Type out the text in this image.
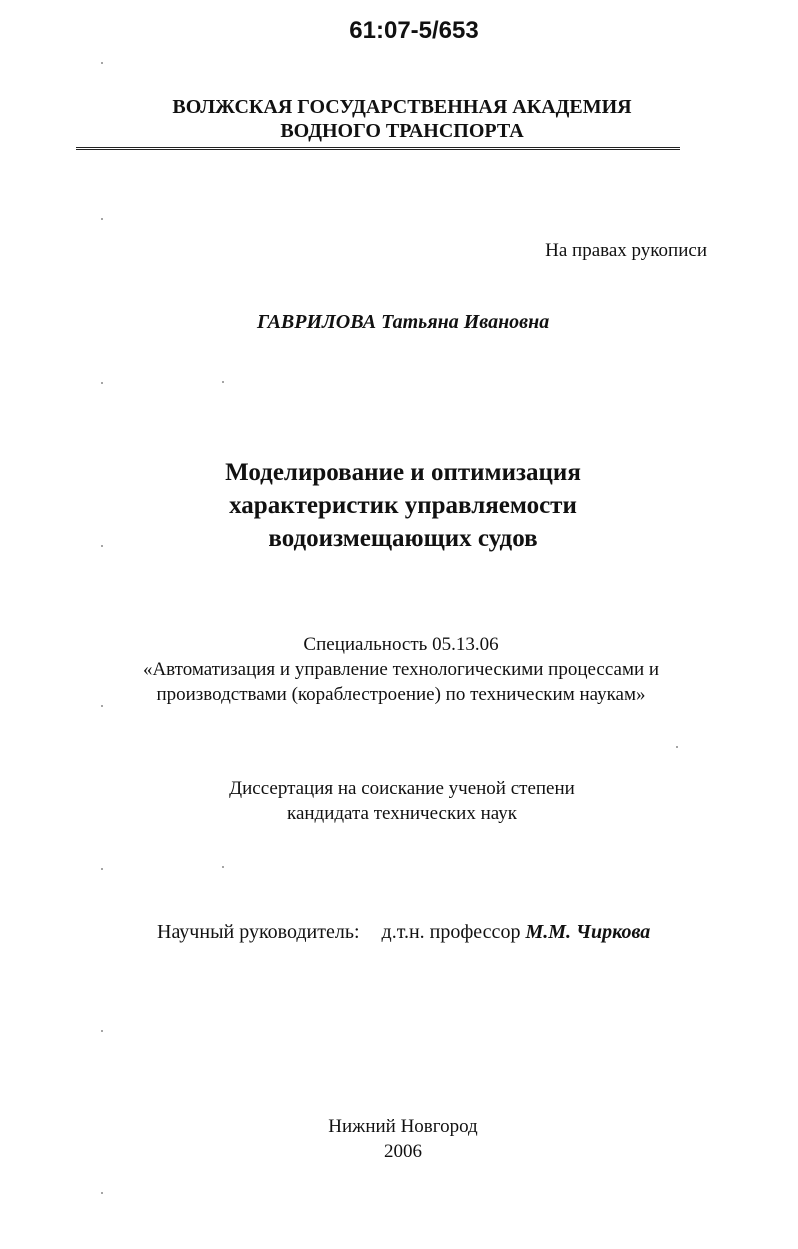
61:07-5/653
ВОЛЖСКАЯ ГОСУДАРСТВЕННАЯ АКАДЕМИЯ
ВОДНОГО ТРАНСПОРТА
На правах рукописи
ГАВРИЛОВА Татьяна Ивановна
Моделирование и оптимизация
характеристик управляемости
водоизмещающих судов
Специальность 05.13.06
«Автоматизация и управление технологическими процессами и
производствами (кораблестроение) по техническим наукам»
Диссертация на соискание ученой степени
кандидата технических наук
Научный руководитель: д.т.н. профессор М.М. Чиркова
Нижний Новгород
2006
